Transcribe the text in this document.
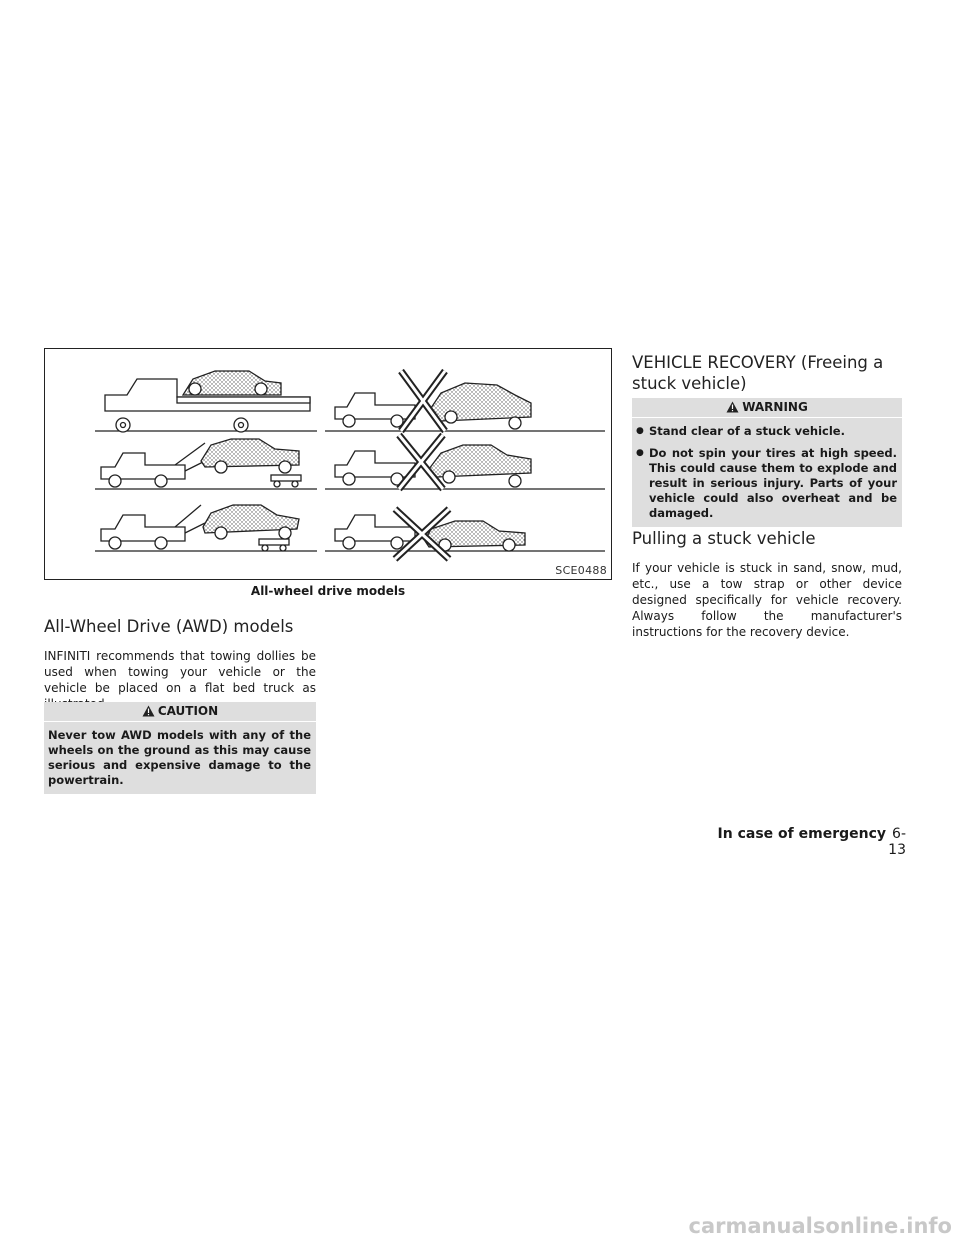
SCE0488
All-wheel drive models
All-Wheel Drive (AWD) models

INFINITI recommends that towing dollies be used when towing your vehicle or the vehicle be placed on a flat bed truck as

CAUTION
Never tow AWD models with any of the wheels on the ground as this may cause serious and expensive damage to the powertrain.
VEHICLE RECOVERY (Freeing a stuck vehicle)
WARNING
● Stand clear of a stuck vehicle.
● Do not spin your tires at high speed. This could cause them to explode and result in serious injury. Parts of your vehicle could also overheat and be damaged.
Pulling a stuck vehicle

If your vehicle is stuck in sand, snow, mud, etc., use a tow strap or other device designed specifically for vehicle recovery. Always follow the manufacturer's instructions for the recovery device.

In case of emergency 6-13
carmanualsonline.info
